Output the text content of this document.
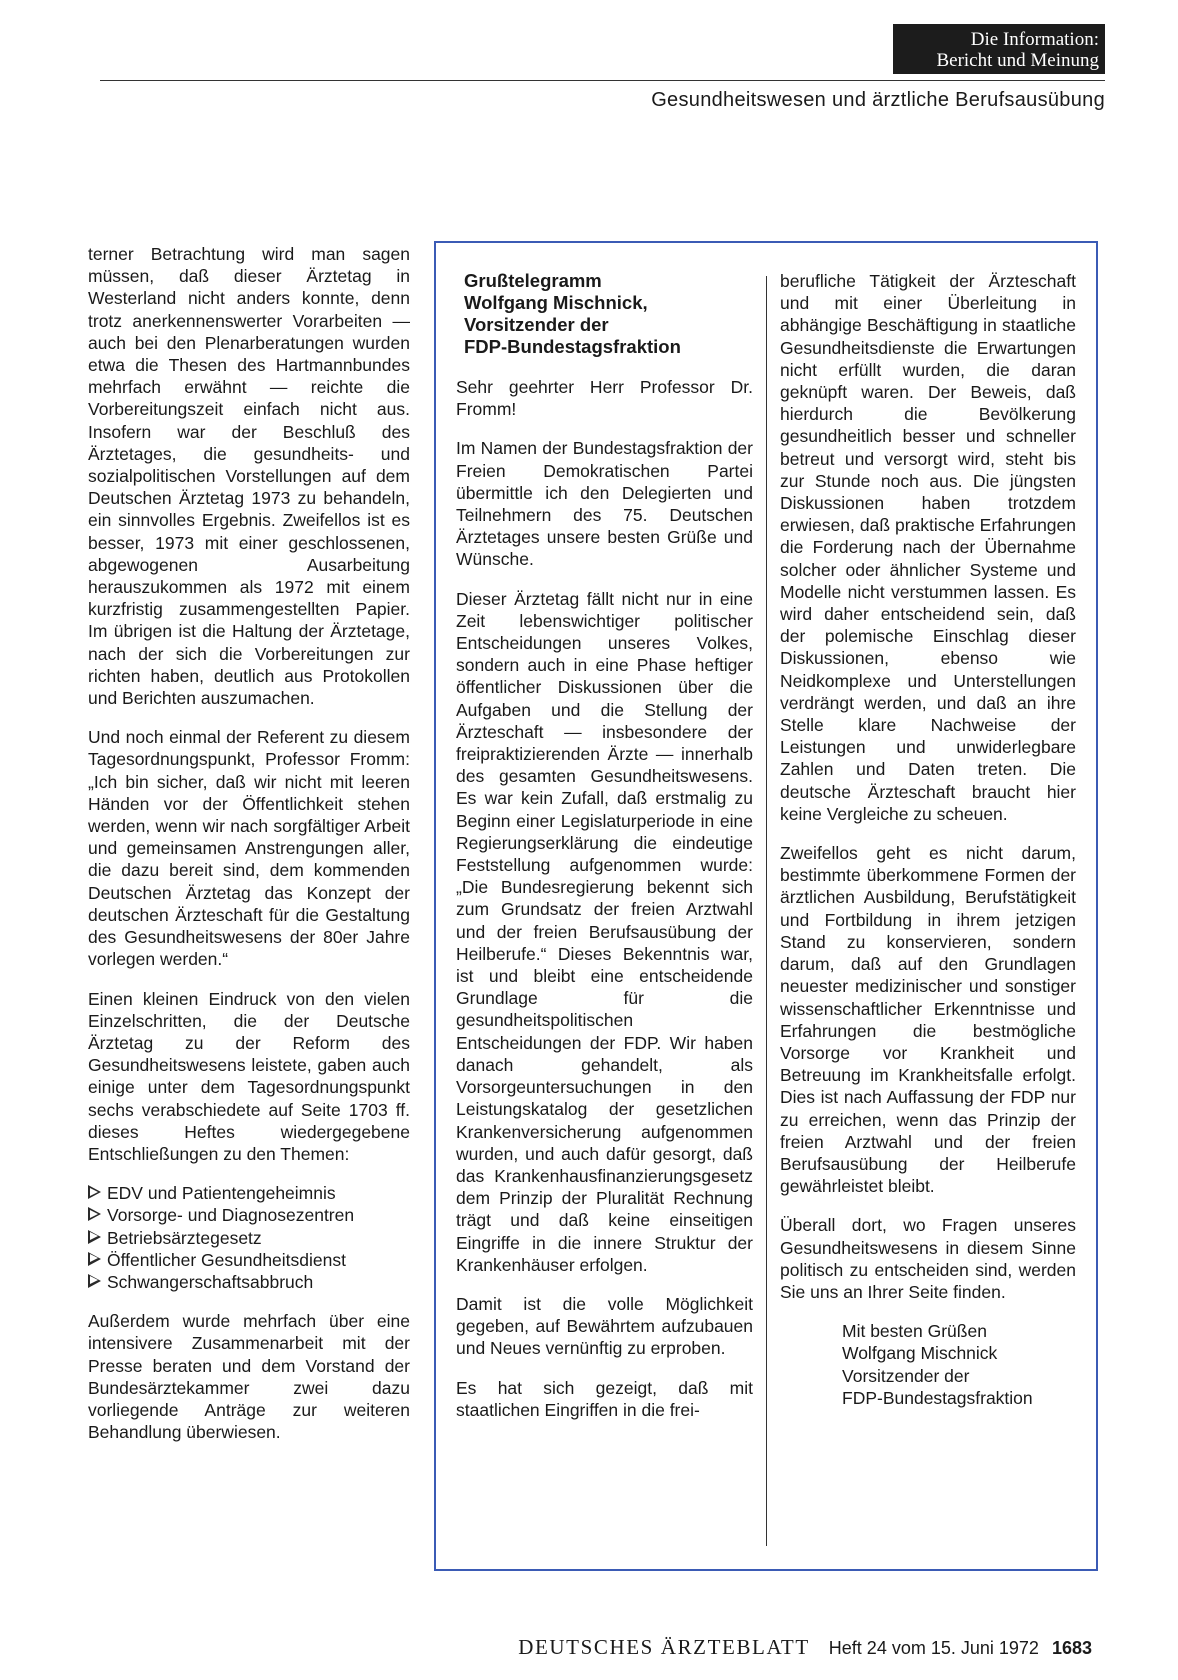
Die Information:
Bericht und Meinung
Gesundheitswesen und ärztliche Berufsausübung

terner Betrachtung wird man sagen müssen, daß dieser Ärztetag in Westerland nicht anders konnte, denn trotz anerkennenswerter Vorarbeiten — auch bei den Plenarberatungen wurden etwa die Thesen des Hartmannbundes mehrfach erwähnt — reichte die Vorbereitungszeit einfach nicht aus. Insofern war der Beschluß des Ärztetages, die gesundheits- und sozialpolitischen Vorstellungen auf dem Deutschen Ärztetag 1973 zu behandeln, ein sinnvolles Ergebnis. Zweifellos ist es besser, 1973 mit einer geschlossenen, abgewogenen Ausarbeitung herauszukommen als 1972 mit einem kurzfristig zusammengestellten Papier. Im übrigen ist die Haltung der Ärztetage, nach der sich die Vorbereitungen zur richten haben, deutlich aus Protokollen und Berichten auszumachen.

Und noch einmal der Referent zu diesem Tagesordnungspunkt, Professor Fromm: „Ich bin sicher, daß wir nicht mit leeren Händen vor der Öffentlichkeit stehen werden, wenn wir nach sorgfältiger Arbeit und gemeinsamen Anstrengungen aller, die dazu bereit sind, dem kommenden Deutschen Ärztetag das Konzept der deutschen Ärzteschaft für die Gestaltung des Gesundheitswesens der 80er Jahre vorlegen werden.“

Einen kleinen Eindruck von den vielen Einzelschritten, die der Deutsche Ärztetag zu der Reform des Gesundheitswesens leistete, gaben auch einige unter dem Tagesordnungspunkt sechs verabschiedete auf Seite 1703 ff. dieses Heftes wiedergegebene Entschließungen zu den Themen:

EDV und Patientengeheimnis
Vorsorge- und Diagnosezentren
Betriebsärztegesetz
Öffentlicher Gesundheitsdienst
Schwangerschaftsabbruch

Außerdem wurde mehrfach über eine intensivere Zusammenarbeit mit der Presse beraten und dem Vorstand der Bundesärztekammer zwei dazu vorliegende Anträge zur weiteren Behandlung überwiesen.

Grußtelegramm
Wolfgang Mischnick,
Vorsitzender der
FDP-Bundestagsfraktion

Sehr geehrter Herr Professor Dr. Fromm!

Im Namen der Bundestagsfraktion der Freien Demokratischen Partei übermittle ich den Delegierten und Teilnehmern des 75. Deutschen Ärztetages unsere besten Grüße und Wünsche.

Dieser Ärztetag fällt nicht nur in eine Zeit lebenswichtiger politischer Entscheidungen unseres Volkes, sondern auch in eine Phase heftiger öffentlicher Diskussionen über die Aufgaben und die Stellung der Ärzteschaft — insbesondere der freipraktizierenden Ärzte — innerhalb des gesamten Gesundheitswesens. Es war kein Zufall, daß erstmalig zu Beginn einer Legislaturperiode in eine Regierungserklärung die eindeutige Feststellung aufgenommen wurde: „Die Bundesregierung bekennt sich zum Grundsatz der freien Arztwahl und der freien Berufsausübung der Heilberufe.“ Dieses Bekenntnis war, ist und bleibt eine entscheidende Grundlage für die gesundheitspolitischen Entscheidungen der FDP. Wir haben danach gehandelt, als Vorsorgeuntersuchungen in den Leistungskatalog der gesetzlichen Krankenversicherung aufgenommen wurden, und auch dafür gesorgt, daß das Krankenhausfinanzierungsgesetz dem Prinzip der Pluralität Rechnung trägt und daß keine einseitigen Eingriffe in die innere Struktur der Krankenhäuser erfolgen.

Damit ist die volle Möglichkeit gegeben, auf Bewährtem aufzubauen und Neues vernünftig zu erproben.

Es hat sich gezeigt, daß mit staatlichen Eingriffen in die frei-

berufliche Tätigkeit der Ärzteschaft und mit einer Überleitung in abhängige Beschäftigung in staatliche Gesundheitsdienste die Erwartungen nicht erfüllt wurden, die daran geknüpft waren. Der Beweis, daß hierdurch die Bevölkerung gesundheitlich besser und schneller betreut und versorgt wird, steht bis zur Stunde noch aus. Die jüngsten Diskussionen haben trotzdem erwiesen, daß praktische Erfahrungen die Forderung nach der Übernahme solcher oder ähnlicher Systeme und Modelle nicht verstummen lassen. Es wird daher entscheidend sein, daß der polemische Einschlag dieser Diskussionen, ebenso wie Neidkomplexe und Unterstellungen verdrängt werden, und daß an ihre Stelle klare Nachweise der Leistungen und unwiderlegbare Zahlen und Daten treten. Die deutsche Ärzteschaft braucht hier keine Vergleiche zu scheuen.

Zweifellos geht es nicht darum, bestimmte überkommene Formen der ärztlichen Ausbildung, Berufstätigkeit und Fortbildung in ihrem jetzigen Stand zu konservieren, sondern darum, daß auf den Grundlagen neuester medizinischer und sonstiger wissenschaftlicher Erkenntnisse und Erfahrungen die bestmögliche Vorsorge vor Krankheit und Betreuung im Krankheitsfalle erfolgt. Dies ist nach Auffassung der FDP nur zu erreichen, wenn das Prinzip der freien Arztwahl und der freien Berufsausübung der Heilberufe gewährleistet bleibt.

Überall dort, wo Fragen unseres Gesundheitswesens in diesem Sinne politisch zu entscheiden sind, werden Sie uns an Ihrer Seite finden.

Mit besten Grüßen
Wolfgang Mischnick
Vorsitzender der
FDP-Bundestagsfraktion
DEUTSCHES ÄRZTEBLATT Heft 24 vom 15. Juni 1972 1683
